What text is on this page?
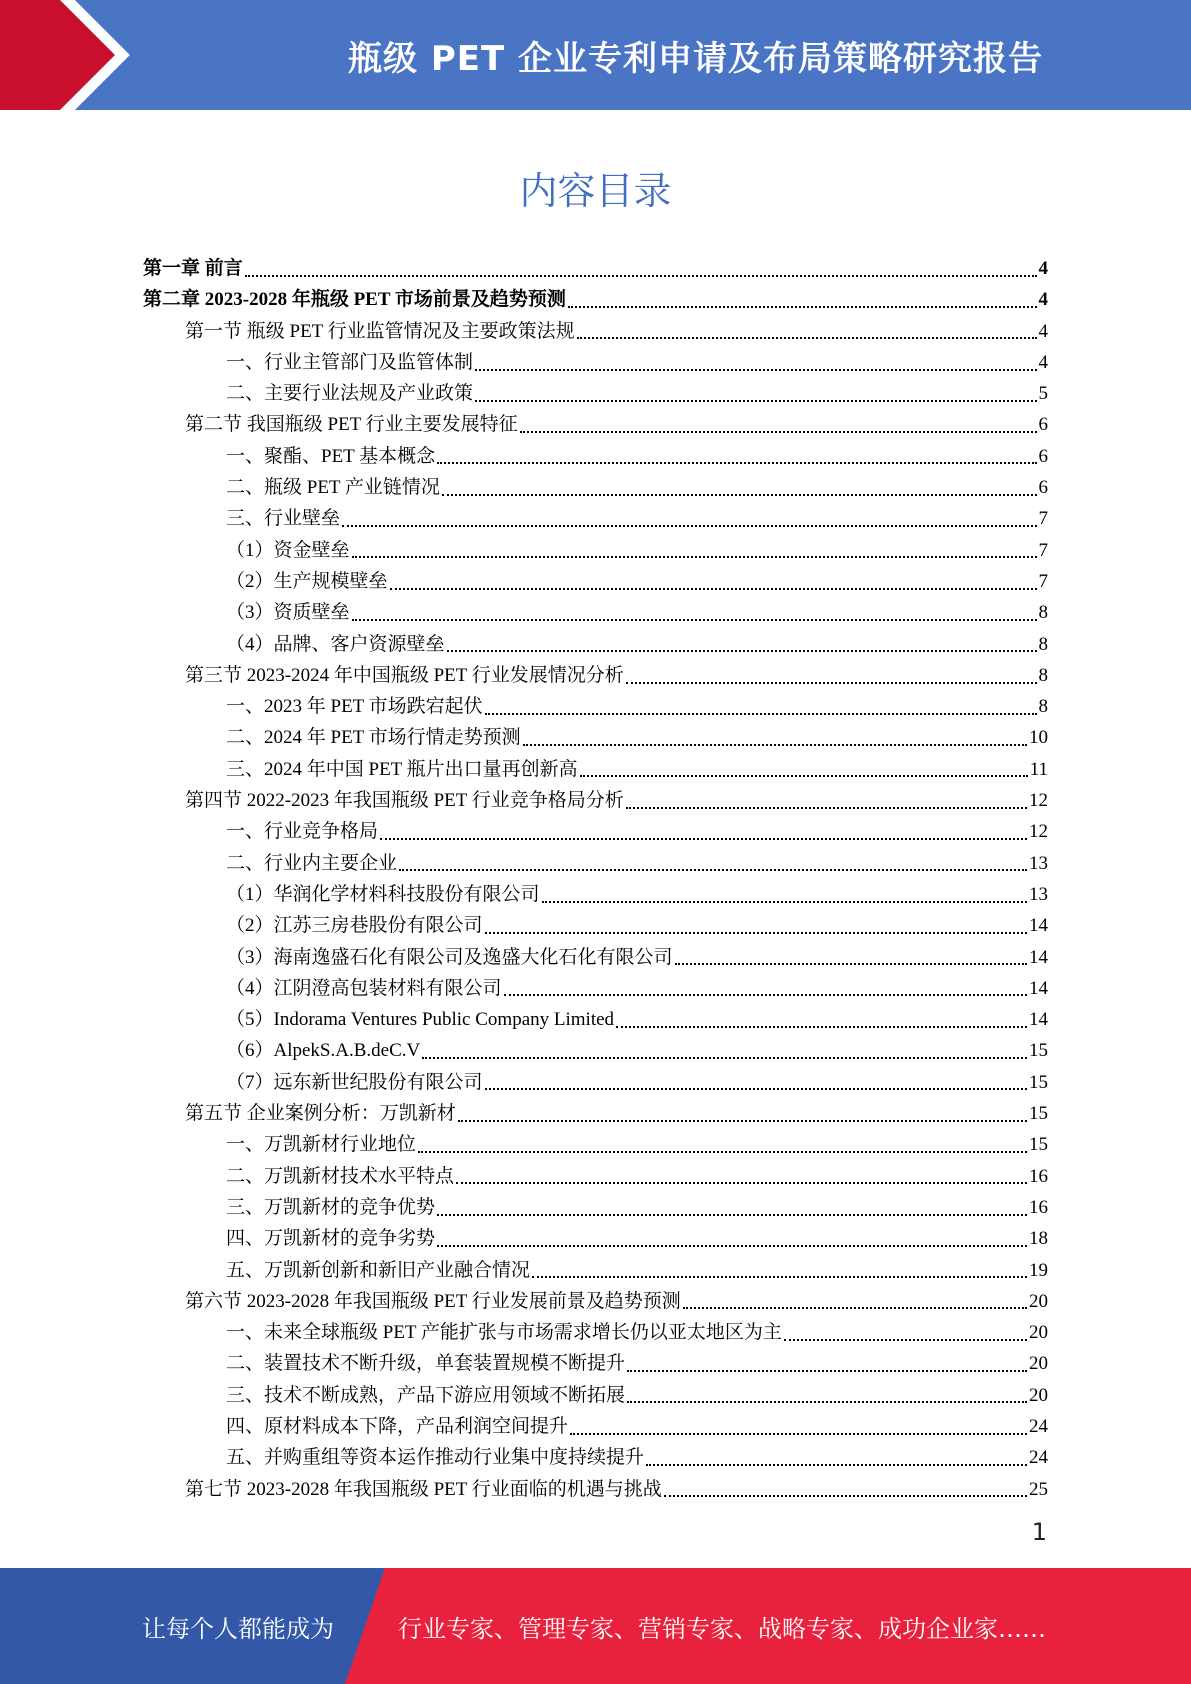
瓶级 PET 企业专利申请及布局策略研究报告
内容目录
第一章 前言	4
第二章 2023-2028 年瓶级 PET 市场前景及趋势预测	4
第一节 瓶级 PET 行业监管情况及主要政策法规	4
一、行业主管部门及监管体制	4
二、主要行业法规及产业政策	5
第二节 我国瓶级 PET 行业主要发展特征	6
一、聚酯、PET 基本概念	6
二、瓶级 PET 产业链情况	6
三、行业壁垒	7
（1）资金壁垒	7
（2）生产规模壁垒	7
（3）资质壁垒	8
（4）品牌、客户资源壁垒	8
第三节 2023-2024 年中国瓶级 PET 行业发展情况分析	8
一、2023 年 PET 市场跌宕起伏	8
二、2024 年 PET 市场行情走势预测	10
三、2024 年中国 PET 瓶片出口量再创新高	11
第四节 2022-2023 年我国瓶级 PET 行业竞争格局分析	12
一、行业竞争格局	12
二、行业内主要企业	13
（1）华润化学材料科技股份有限公司	13
（2）江苏三房巷股份有限公司	14
（3）海南逸盛石化有限公司及逸盛大化石化有限公司	14
（4）江阴澄高包装材料有限公司	14
（5）Indorama Ventures Public Company Limited	14
（6）AlpekS.A.B.deC.V	15
（7）远东新世纪股份有限公司	15
第五节 企业案例分析：万凯新材	15
一、万凯新材行业地位	15
二、万凯新材技术水平特点	16
三、万凯新材的竞争优势	16
四、万凯新材的竞争劣势	18
五、万凯新创新和新旧产业融合情况	19
第六节 2023-2028 年我国瓶级 PET 行业发展前景及趋势预测	20
一、未来全球瓶级 PET 产能扩张与市场需求增长仍以亚太地区为主	20
二、装置技术不断升级，单套装置规模不断提升	20
三、技术不断成熟，产品下游应用领域不断拓展	20
四、原材料成本下降，产品利润空间提升	24
五、并购重组等资本运作推动行业集中度持续提升	24
第七节 2023-2028 年我国瓶级 PET 行业面临的机遇与挑战	25
1
让每个人都能成为	行业专家、管理专家、营销专家、战略专家、成功企业家……
